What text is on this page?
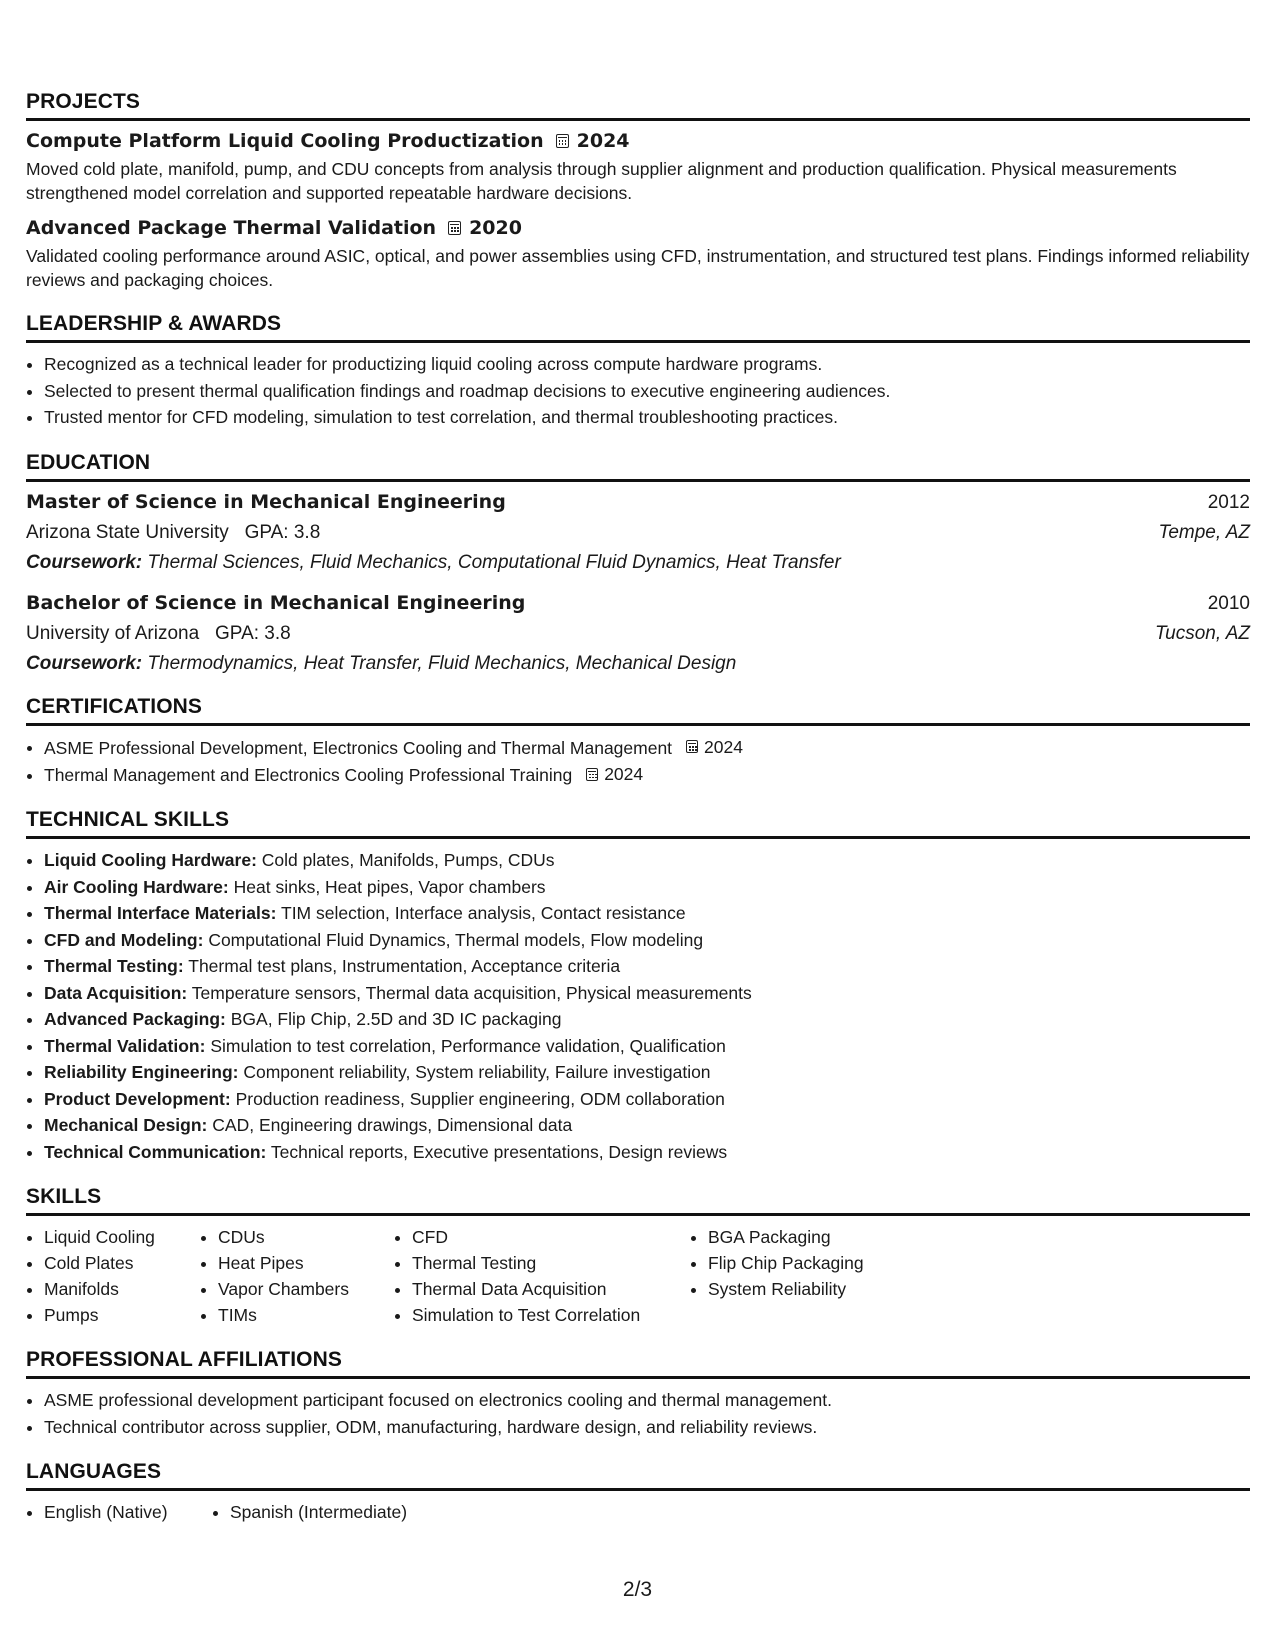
PROJECTS
Compute Platform Liquid Cooling Productization 2024
Moved cold plate, manifold, pump, and CDU concepts from analysis through supplier alignment and production qualification. Physical measurements strengthened model correlation and supported repeatable hardware decisions.
Advanced Package Thermal Validation 2020
Validated cooling performance around ASIC, optical, and power assemblies using CFD, instrumentation, and structured test plans. Findings informed reliability reviews and packaging choices.
LEADERSHIP & AWARDS
• Recognized as a technical leader for productizing liquid cooling across compute hardware programs.
• Selected to present thermal qualification findings and roadmap decisions to executive engineering audiences.
• Trusted mentor for CFD modeling, simulation to test correlation, and thermal troubleshooting practices.
EDUCATION
Master of Science in Mechanical Engineering	2012
Arizona State University GPA: 3.8	Tempe, AZ
Coursework: Thermal Sciences, Fluid Mechanics, Computational Fluid Dynamics, Heat Transfer
Bachelor of Science in Mechanical Engineering	2010
University of Arizona GPA: 3.8	Tucson, AZ
Coursework: Thermodynamics, Heat Transfer, Fluid Mechanics, Mechanical Design
CERTIFICATIONS
• ASME Professional Development, Electronics Cooling and Thermal Management 2024
• Thermal Management and Electronics Cooling Professional Training 2024
TECHNICAL SKILLS
• Liquid Cooling Hardware: Cold plates, Manifolds, Pumps, CDUs
• Air Cooling Hardware: Heat sinks, Heat pipes, Vapor chambers
• Thermal Interface Materials: TIM selection, Interface analysis, Contact resistance
• CFD and Modeling: Computational Fluid Dynamics, Thermal models, Flow modeling
• Thermal Testing: Thermal test plans, Instrumentation, Acceptance criteria
• Data Acquisition: Temperature sensors, Thermal data acquisition, Physical measurements
• Advanced Packaging: BGA, Flip Chip, 2.5D and 3D IC packaging
• Thermal Validation: Simulation to test correlation, Performance validation, Qualification
• Reliability Engineering: Component reliability, System reliability, Failure investigation
• Product Development: Production readiness, Supplier engineering, ODM collaboration
• Mechanical Design: CAD, Engineering drawings, Dimensional data
• Technical Communication: Technical reports, Executive presentations, Design reviews
SKILLS
• Liquid Cooling
• Cold Plates
• Manifolds
• Pumps
• CDUs
• Heat Pipes
• Vapor Chambers
• TIMs
• CFD
• Thermal Testing
• Thermal Data Acquisition
• Simulation to Test Correlation
• BGA Packaging
• Flip Chip Packaging
• System Reliability
PROFESSIONAL AFFILIATIONS
• ASME professional development participant focused on electronics cooling and thermal management.
• Technical contributor across supplier, ODM, manufacturing, hardware design, and reliability reviews.
LANGUAGES
• English (Native)
•	Spanish (Intermediate)
2/3
